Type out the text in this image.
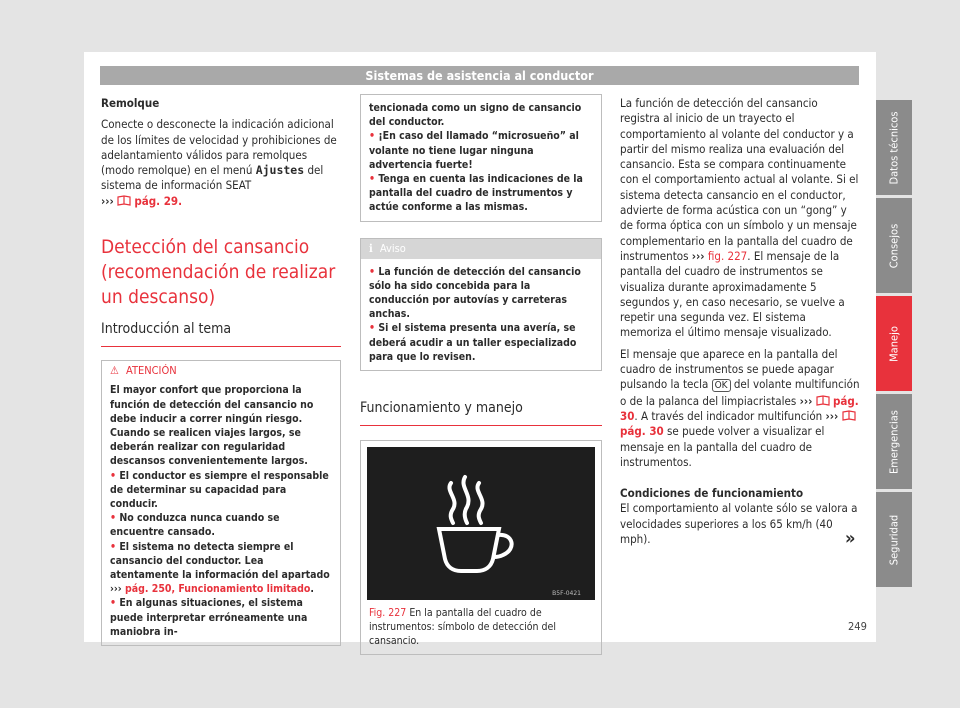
Sistemas de asistencia al conductor

Remolque

Conecte o desconecte la indicación adicional de los límites de velocidad y prohibiciones de adelantamiento válidos para remolques (modo remolque) en el menú Ajustes del sistema de información SEAT
››› pág. 29.

Detección del cansancio (recomendación de realizar un descanso)
Introducción al tema
⚠ ATENCIÓN

El mayor confort que proporciona la función de detección del cansancio no debe inducir a correr ningún riesgo. Cuando se realicen viajes largos, se deberán realizar con regularidad descansos convenientemente largos.

• El conductor es siempre el responsable de determinar su capacidad para conducir.

• No conduzca nunca cuando se encuentre cansado.

• El sistema no detecta siempre el cansancio del conductor. Lea atentamente la información del apartado ››› pág. 250, Funcionamiento limitado.

• En algunas situaciones, el sistema puede interpretar erróneamente una maniobra in-

tencionada como un signo de cansancio del conductor.

• ¡En caso del llamado “microsueño” al volante no tiene lugar ninguna advertencia fuerte!

• Tenga en cuenta las indicaciones de la pantalla del cuadro de instrumentos y actúe conforme a las mismas.

ℹ Aviso

• La función de detección del cansancio sólo ha sido concebida para la conducción por autovías y carreteras anchas.

• Si el sistema presenta una avería, se deberá acudir a un taller especializado para que lo revisen.

Funcionamiento y manejo
B5F-0421

Fig. 227 En la pantalla del cuadro de instrumentos: símbolo de detección del cansancio.

La función de detección del cansancio registra al inicio de un trayecto el comportamiento al volante del conductor y a partir del mismo realiza una evaluación del cansancio. Esta se compara continuamente con el comportamiento actual al volante. Si el sistema detecta cansancio en el conductor, advierte de forma acústica con un “gong” y de forma óptica con un símbolo y un mensaje complementario en la pantalla del cuadro de instrumentos ››› fig. 227. El mensaje de la pantalla del cuadro de instrumentos se visualiza durante aproximadamente 5 segundos y, en caso necesario, se vuelve a repetir una segunda vez. El sistema memoriza el último mensaje visualizado.

El mensaje que aparece en la pantalla del cuadro de instrumentos se puede apagar pulsando la tecla OK del volante multifunción o de la palanca del limpiacristales ››› pág. 30. A través del indicador multifunción ›››  pág. 30 se puede volver a visualizar el mensaje en la pantalla del cuadro de instrumentos.

Condiciones de funcionamiento

El comportamiento al volante sólo se valora a velocidades superiores a los 65 km/h (40 mph).	»
Datos técnicos
Consejos
Manejo
Emergencias
Seguridad
249
